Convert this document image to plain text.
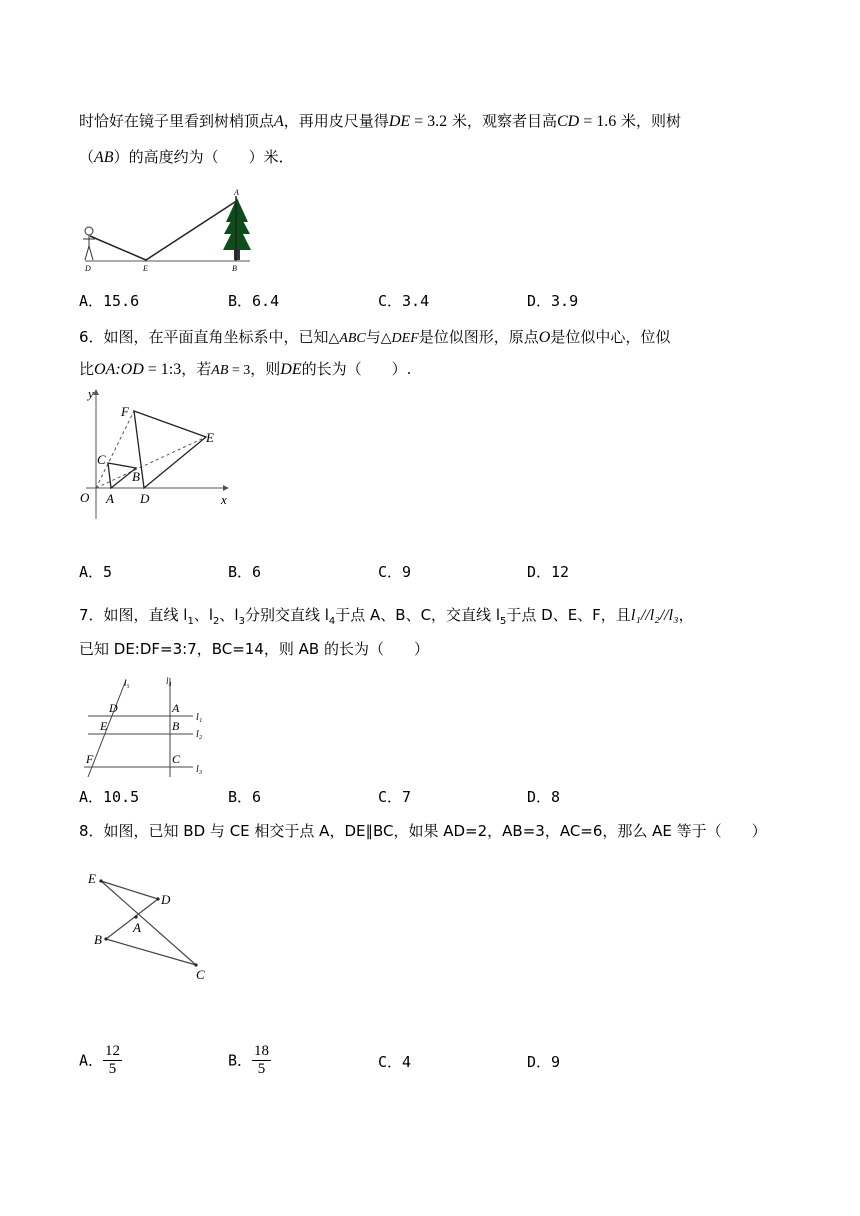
时恰好在镜子里看到树梢顶点A，再用皮尺量得DE = 3.2 米，观察者目高CD = 1.6 米，则树
（AB）的高度约为（　　）米．
A
D	E	B
A．15.6	B．6.4	C．3.4	D．3.9
6．如图，在平面直角坐标系中，已知△ABC与△DEF是位似图形，原点O是位似中心，位似
比OA:OD = 1:3，若AB = 3，则DE的长为（　　）.
y
x
O A
B
C
D
E
F
A．5	B．6	C．9	D．12
7．如图，直线 $l_1$、$l_2$、$l_3$分别交直线 $l_4$于点 A、B、C，交直线 $l_5$于点 D、E、F，且l₁//l₂//l₃，
已知 DE:DF=3:7，BC=14，则 AB 的长为（　　）
l₅	l₄
l₁
l₂
l₃
D
E
F
A
B
C
A．10.5	B．6	C．7	D．8
8．如图，已知 BD 与 CE 相交于点 A，DE∥BC，如果 AD=2，AB=3，AC=6，那么 AE 等于（　　）
E
D
A
B
C
A． $\frac{12}{5}$	B． $\frac{18}{5}$	C．4	D．9
